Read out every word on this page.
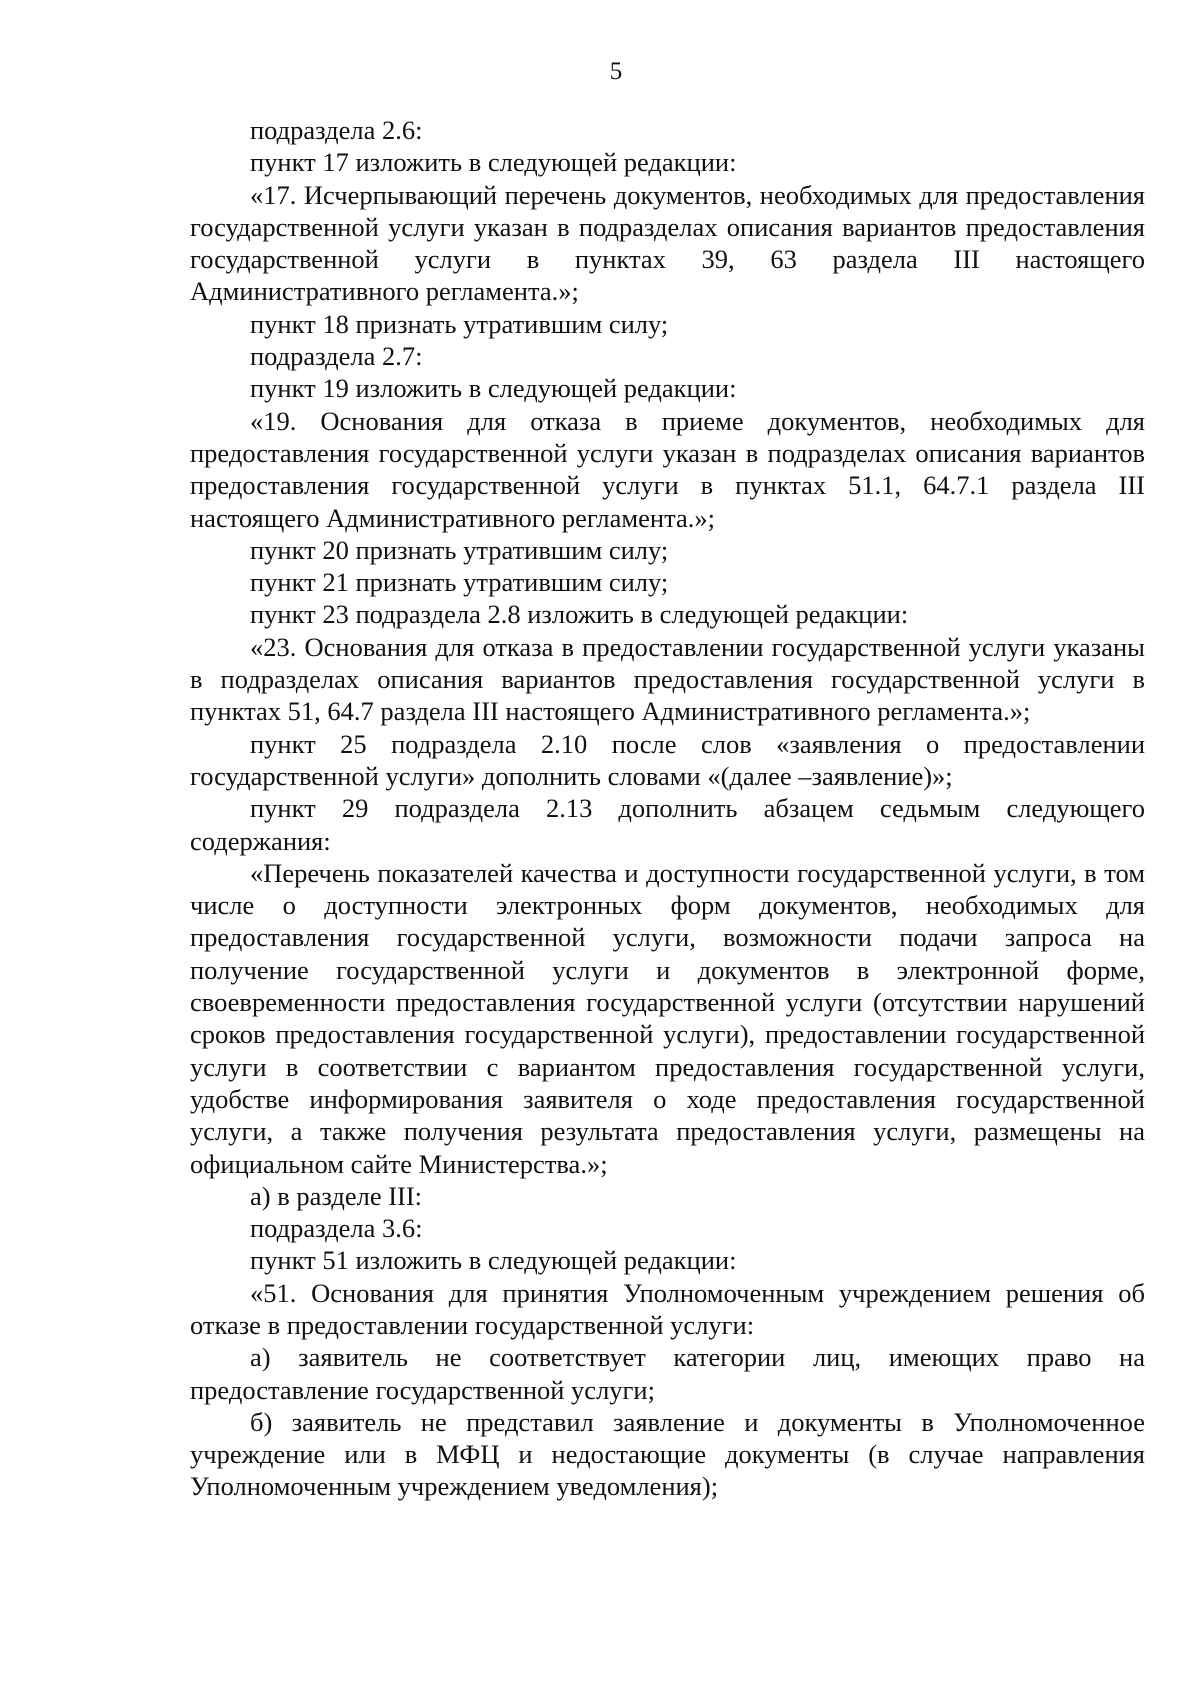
5

подраздела 2.6:

пункт 17 изложить в следующей редакции:

«17. Исчерпывающий перечень документов, необходимых для предоставления государственной услуги указан в подразделах описания вариантов предоставления государственной услуги в пунктах 39, 63 раздела III настоящего Административного регламента.»;

пункт 18 признать утратившим силу;

подраздела 2.7:

пункт 19 изложить в следующей редакции:

«19. Основания для отказа в приеме документов, необходимых для предоставления государственной услуги указан в подразделах описания вариантов предоставления государственной услуги в пунктах 51.1, 64.7.1 раздела III настоящего Административного регламента.»;

пункт 20 признать утратившим силу;

пункт 21 признать утратившим силу;

пункт 23 подраздела 2.8 изложить в следующей редакции:

«23. Основания для отказа в предоставлении государственной услуги указаны в подразделах описания вариантов предоставления государственной услуги в пунктах 51, 64.7 раздела III настоящего Административного регламента.»;

пункт 25 подраздела 2.10 после слов «заявления о предоставлении государственной услуги» дополнить словами «(далее –заявление)»;

пункт 29 подраздела 2.13 дополнить абзацем седьмым следующего содержания:

«Перечень показателей качества и доступности государственной услуги, в том числе о доступности электронных форм документов, необходимых для предоставления государственной услуги, возможности подачи запроса на получение государственной услуги и документов в электронной форме, своевременности предоставления государственной услуги (отсутствии нарушений сроков предоставления государственной услуги), предоставлении государственной услуги в соответствии с вариантом предоставления государственной услуги, удобстве информирования заявителя о ходе предоставления государственной услуги, а также получения результата предоставления услуги, размещены на официальном сайте Министерства.»;

а) в разделе III:

подраздела 3.6:

пункт 51 изложить в следующей редакции:

«51. Основания для принятия Уполномоченным учреждением решения об отказе в предоставлении государственной услуги:

а) заявитель не соответствует категории лиц, имеющих право на предоставление государственной услуги;

б) заявитель не представил заявление и документы в Уполномоченное учреждение или в МФЦ и недостающие документы (в случае направления Уполномоченным учреждением уведомления);
